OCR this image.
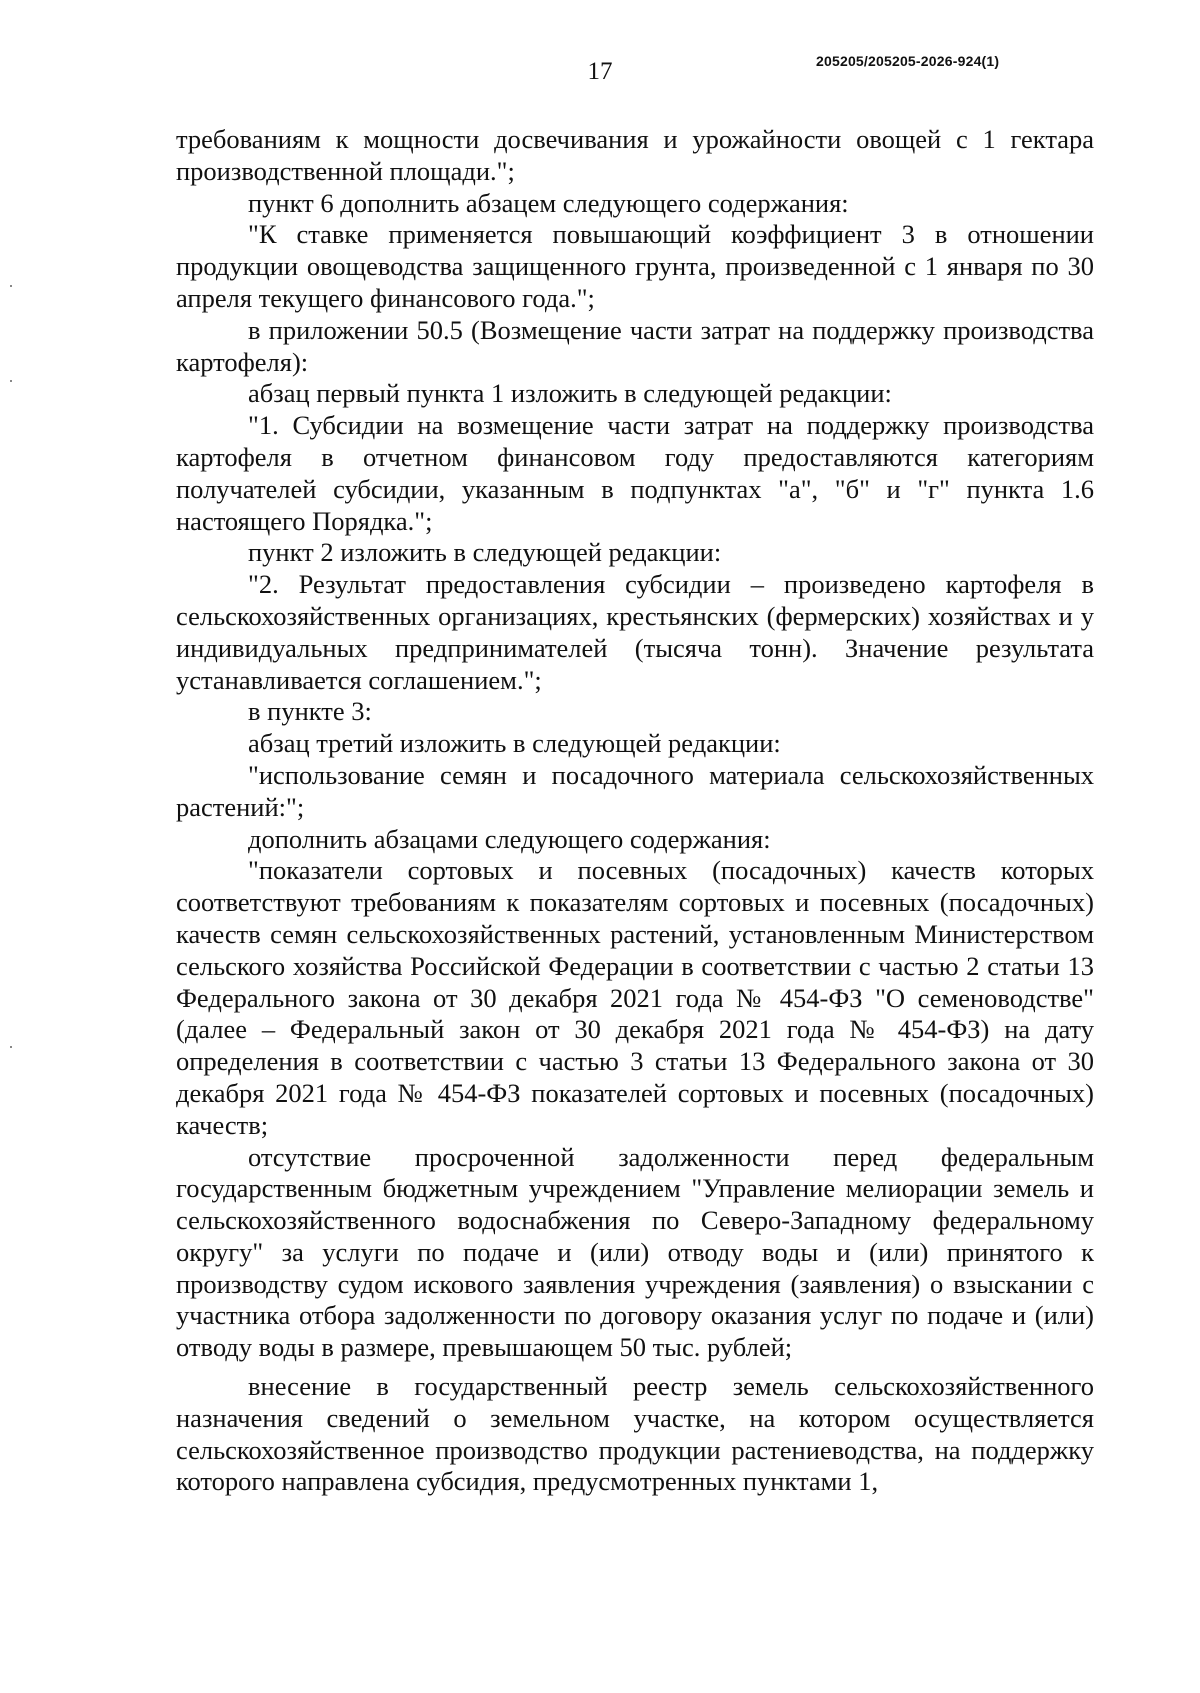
17	205205/205205-2026-924(1)

требованиям к мощности досвечивания и урожайности овощей с 1 гектара производственной площади.";

пункт 6 дополнить абзацем следующего содержания:

"К ставке применяется повышающий коэффициент 3 в отношении продукции овощеводства защищенного грунта, произведенной с 1 января по 30 апреля текущего финансового года.";

в приложении 50.5 (Возмещение части затрат на поддержку производства картофеля):

абзац первый пункта 1 изложить в следующей редакции:

"1. Субсидии на возмещение части затрат на поддержку производства картофеля в отчетном финансовом году предоставляются категориям получателей субсидии, указанным в подпунктах "а", "б" и "г" пункта 1.6 настоящего Порядка.";

пункт 2 изложить в следующей редакции:

"2. Результат предоставления субсидии – произведено картофеля в сельскохозяйственных организациях, крестьянских (фермерских) хозяйствах и у индивидуальных предпринимателей (тысяча тонн). Значение результата устанавливается соглашением.";

в пункте 3:

абзац третий изложить в следующей редакции:

"использование семян и посадочного материала сельскохозяйственных растений:";

дополнить абзацами следующего содержания:

"показатели сортовых и посевных (посадочных) качеств которых соответствуют требованиям к показателям сортовых и посевных (посадочных) качеств семян сельскохозяйственных растений, установленным Министерством сельского хозяйства Российской Федерации в соответствии с частью 2 статьи 13 Федерального закона от 30 декабря 2021 года № 454-ФЗ "О семеноводстве" (далее – Федеральный закон от 30 декабря 2021 года № 454-ФЗ) на дату определения в соответствии с частью 3 статьи 13 Федерального закона от 30 декабря 2021 года № 454-ФЗ показателей сортовых и посевных (посадочных) качеств;

отсутствие просроченной задолженности перед федеральным государственным бюджетным учреждением "Управление мелиорации земель и сельскохозяйственного водоснабжения по Северо-Западному федеральному округу" за услуги по подаче и (или) отводу воды и (или) принятого к производству судом искового заявления учреждения (заявления) о взыскании с участника отбора задолженности по договору оказания услуг по подаче и (или) отводу воды в размере, превышающем 50 тыс. рублей;

внесение в государственный реестр земель сельскохозяйственного назначения сведений о земельном участке, на котором осуществляется сельскохозяйственное производство продукции растениеводства, на поддержку которого направлена субсидия, предусмотренных пунктами 1,
